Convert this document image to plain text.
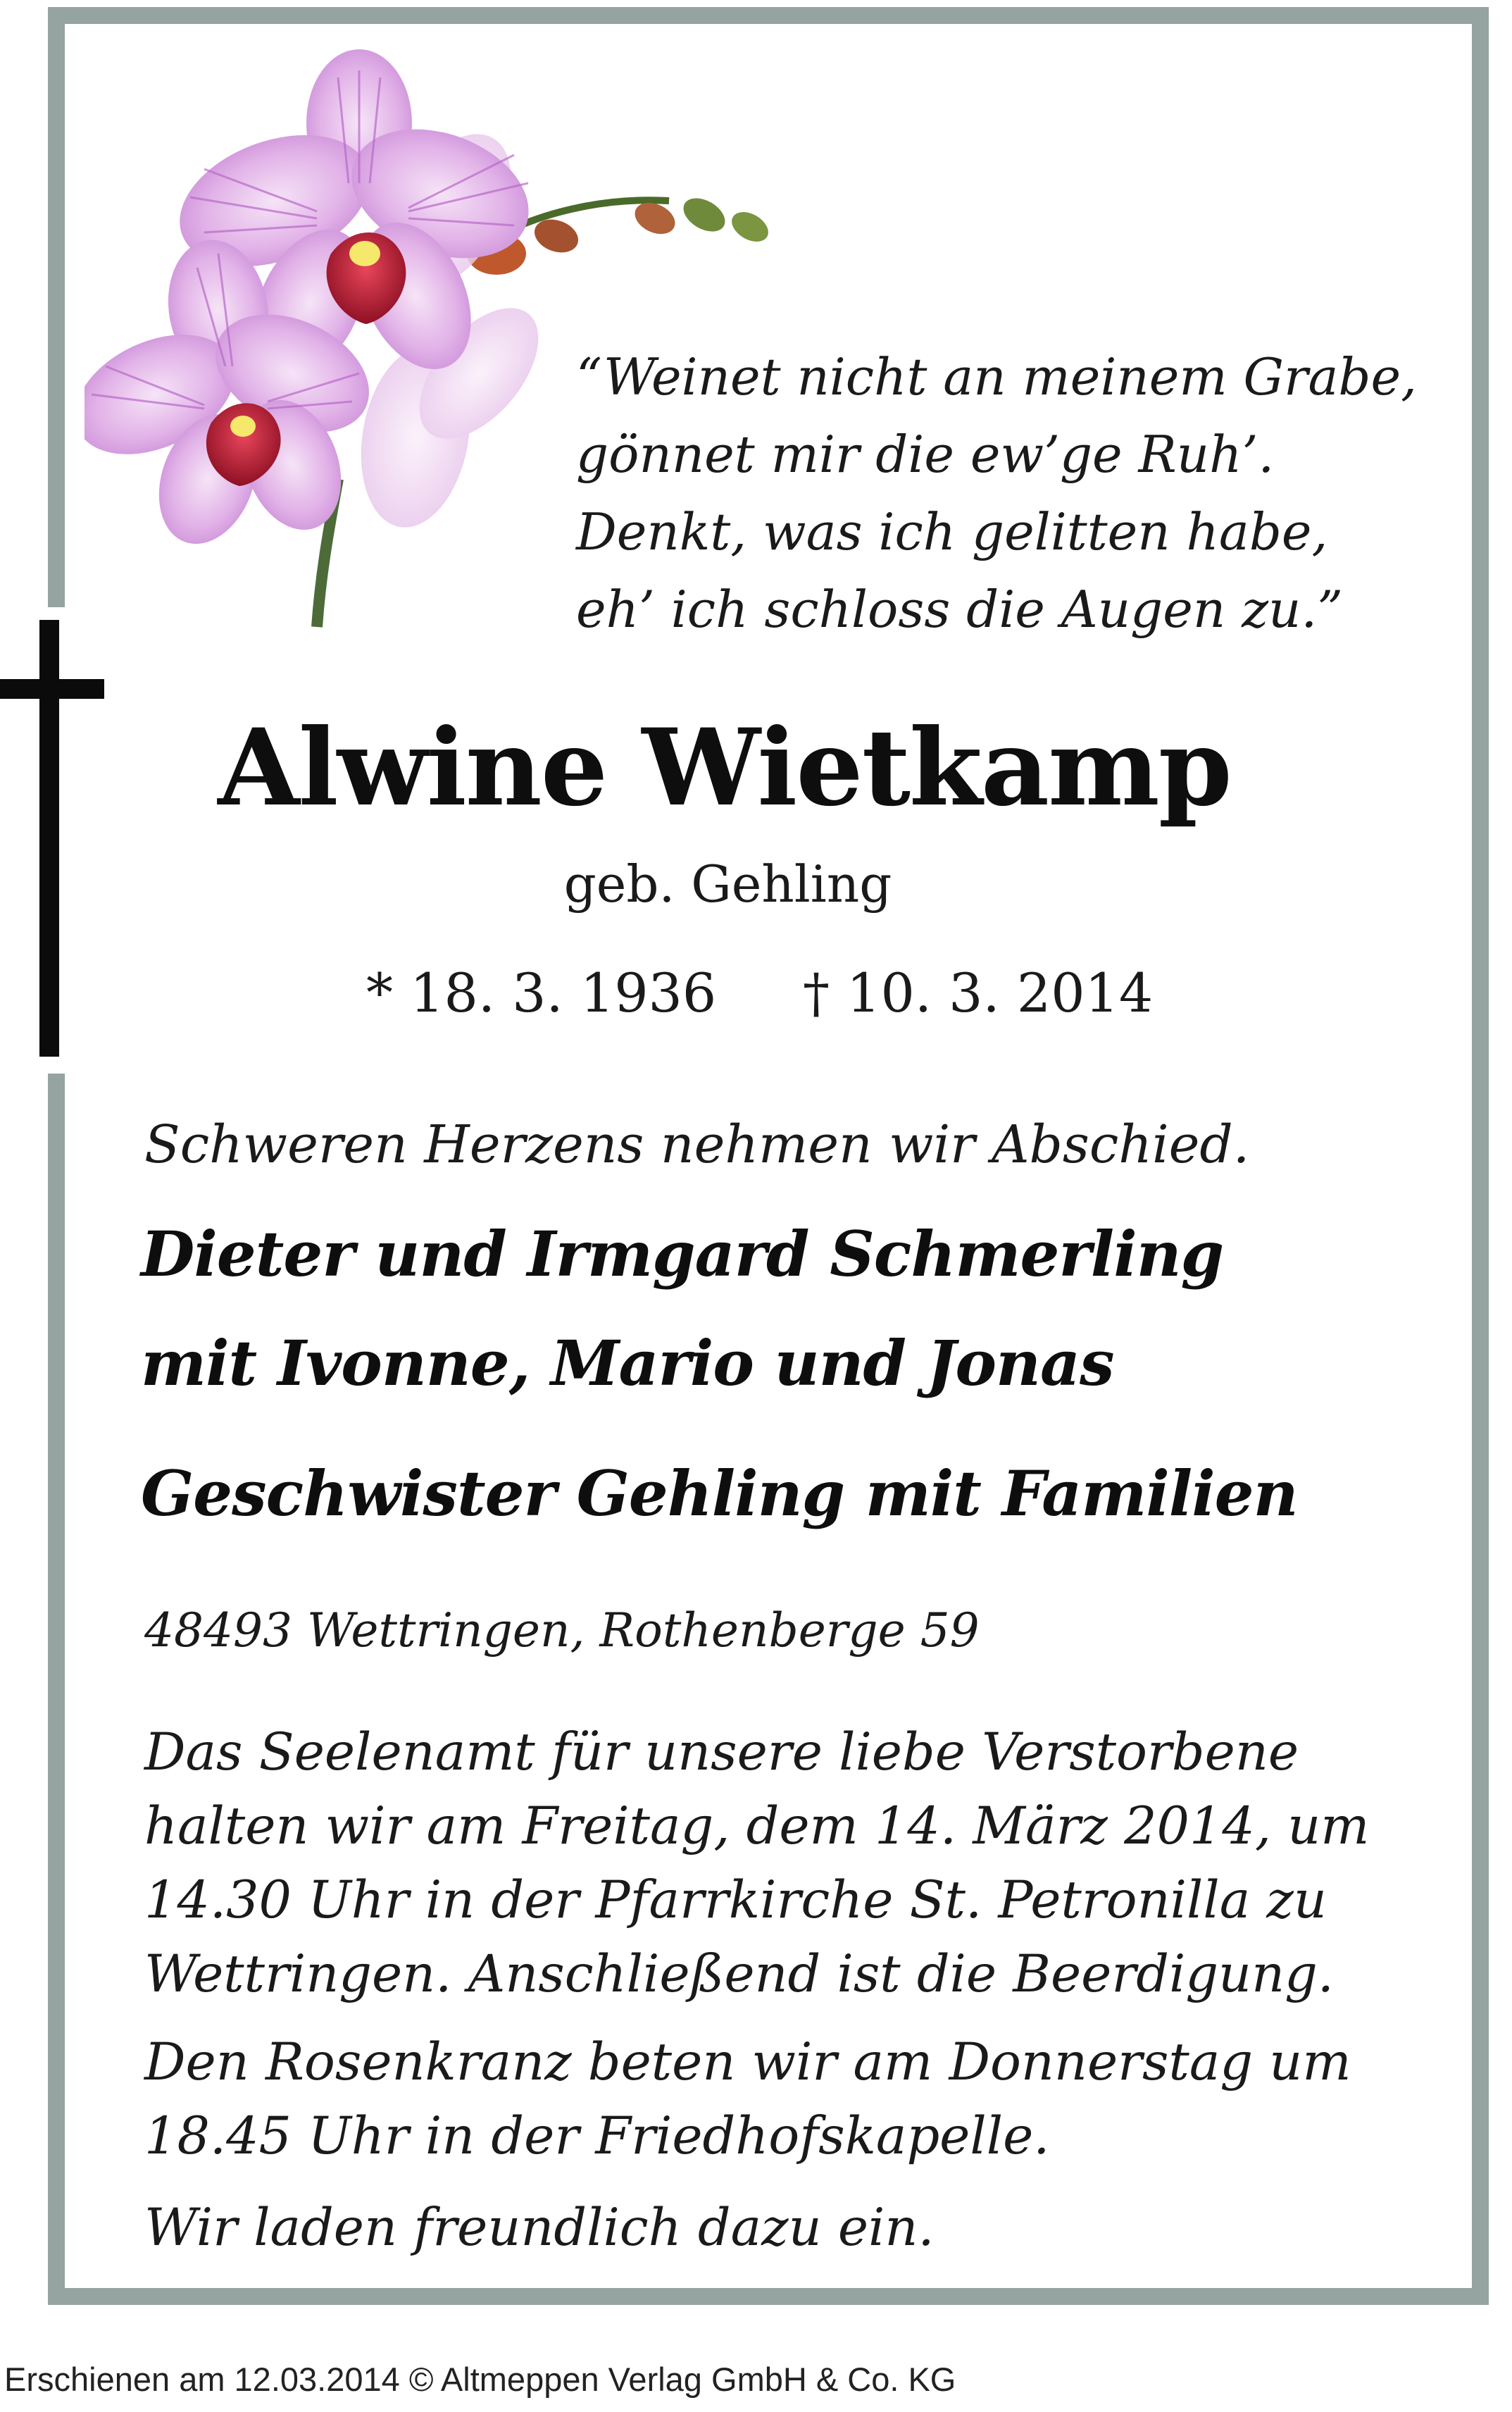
“Weinet nicht an meinem Grabe,
gönnet mir die ew’ge Ruh’.
Denkt, was ich gelitten habe,
eh’ ich schloss die Augen zu.”
Alwine Wietkamp
geb. Gehling
* 18. 3. 1936 † 10. 3. 2014
Schweren Herzens nehmen wir Abschied.
Dieter und Irmgard Schmerling
mit Ivonne, Mario und Jonas
Geschwister Gehling mit Familien
48493 Wettringen, Rothenberge 59
Das Seelenamt für unsere liebe Verstorbene
halten wir am Freitag, dem 14. März 2014, um
14.30 Uhr in der Pfarrkirche St. Petronilla zu
Wettringen. Anschließend ist die Beerdigung.
Den Rosenkranz beten wir am Donnerstag um
18.45 Uhr in der Friedhofskapelle.
Wir laden freundlich dazu ein.
Erschienen am 12.03.2014 © Altmeppen Verlag GmbH & Co. KG
